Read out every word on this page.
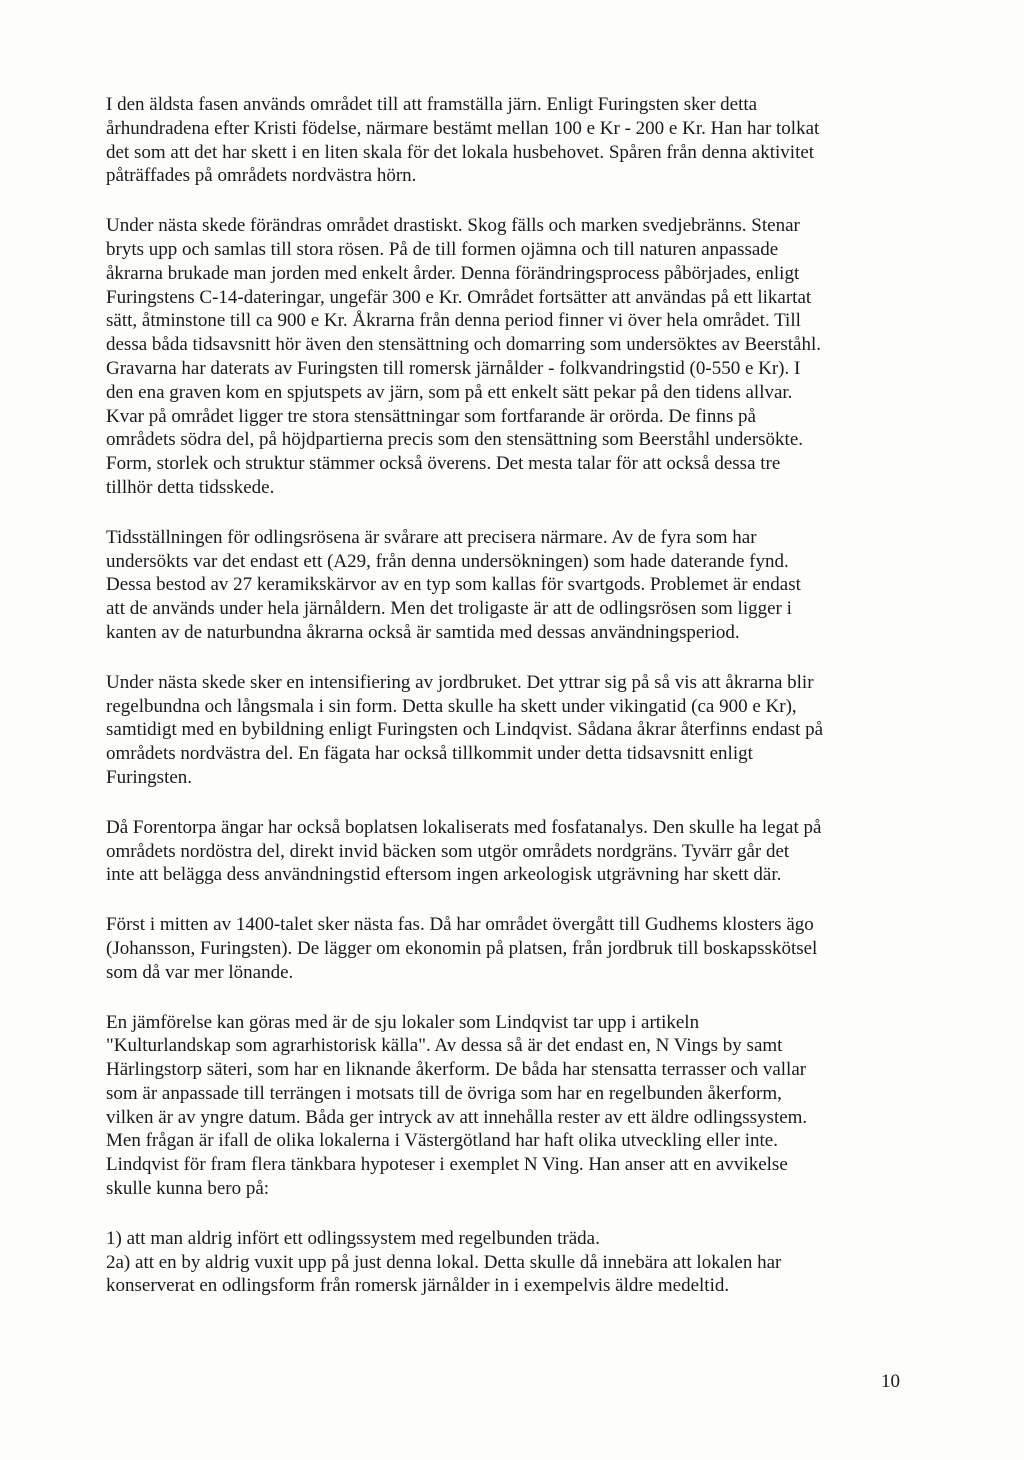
I den äldsta fasen används området till att framställa järn. Enligt Furingsten sker detta
århundradena efter Kristi födelse, närmare bestämt mellan 100 e Kr - 200 e Kr. Han har tolkat
det som att det har skett i en liten skala för det lokala husbehovet. Spåren från denna aktivitet
påträffades på områdets nordvästra hörn.

Under nästa skede förändras området drastiskt. Skog fälls och marken svedjebränns. Stenar
bryts upp och samlas till stora rösen. På de till formen ojämna och till naturen anpassade
åkrarna brukade man jorden med enkelt årder. Denna förändringsprocess påbörjades, enligt
Furingstens C-14-dateringar, ungefär 300 e Kr. Området fortsätter att användas på ett likartat
sätt, åtminstone till ca 900 e Kr. Åkrarna från denna period finner vi över hela området. Till
dessa båda tidsavsnitt hör även den stensättning och domarring som undersöktes av Beerståhl.
Gravarna har daterats av Furingsten till romersk järnålder - folkvandringstid (0-550 e Kr). I
den ena graven kom en spjutspets av järn, som på ett enkelt sätt pekar på den tidens allvar.
Kvar på området ligger tre stora stensättningar som fortfarande är orörda. De finns på
områdets södra del, på höjdpartierna precis som den stensättning som Beerståhl undersökte.
Form, storlek och struktur stämmer också överens. Det mesta talar för att också dessa tre
tillhör detta tidsskede.

Tidsställningen för odlingsrösena är svårare att precisera närmare. Av de fyra som har
undersökts var det endast ett (A29, från denna undersökningen) som hade daterande fynd.
Dessa bestod av 27 keramikskärvor av en typ som kallas för svartgods. Problemet är endast
att de används under hela järnåldern. Men det troligaste är att de odlingsrösen som ligger i
kanten av de naturbundna åkrarna också är samtida med dessas användningsperiod.

Under nästa skede sker en intensifiering av jordbruket. Det yttrar sig på så vis att åkrarna blir
regelbundna och långsmala i sin form. Detta skulle ha skett under vikingatid (ca 900 e Kr),
samtidigt med en bybildning enligt Furingsten och Lindqvist. Sådana åkrar återfinns endast på
områdets nordvästra del. En fägata har också tillkommit under detta tidsavsnitt enligt
Furingsten.

Då Forentorpa ängar har också boplatsen lokaliserats med fosfatanalys. Den skulle ha legat på
områdets nordöstra del, direkt invid bäcken som utgör områdets nordgräns. Tyvärr går det
inte att belägga dess användningstid eftersom ingen arkeologisk utgrävning har skett där.

Först i mitten av 1400-talet sker nästa fas. Då har området övergått till Gudhems klosters ägo
(Johansson, Furingsten). De lägger om ekonomin på platsen, från jordbruk till boskapsskötsel
som då var mer lönande.

En jämförelse kan göras med är de sju lokaler som Lindqvist tar upp i artikeln
"Kulturlandskap som agrarhistorisk källa". Av dessa så är det endast en, N Vings by samt
Härlingstorp säteri, som har en liknande åkerform. De båda har stensatta terrasser och vallar
som är anpassade till terrängen i motsats till de övriga som har en regelbunden åkerform,
vilken är av yngre datum. Båda ger intryck av att innehålla rester av ett äldre odlingssystem.
Men frågan är ifall de olika lokalerna i Västergötland har haft olika utveckling eller inte.
Lindqvist för fram flera tänkbara hypoteser i exemplet N Ving. Han anser att en avvikelse
skulle kunna bero på:

1) att man aldrig infört ett odlingssystem med regelbunden träda.

2a) att en by aldrig vuxit upp på just denna lokal. Detta skulle då innebära att lokalen har
konserverat en odlingsform från romersk järnålder in i exempelvis äldre medeltid.

10
